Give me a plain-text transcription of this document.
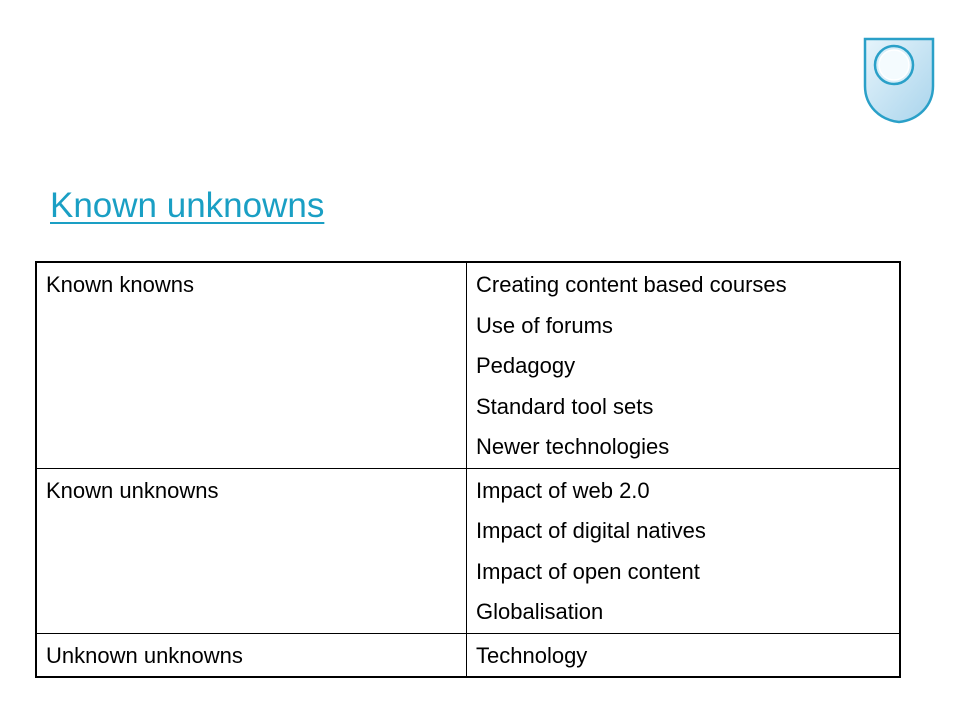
Known unknowns
Known knowns	Creating content based courses
Use of forums
Pedagogy
Standard tool sets
Newer technologies

Known unknowns	Impact of web 2.0
Impact of digital natives
Impact of open content
Globalisation

Unknown unknowns	Technology
